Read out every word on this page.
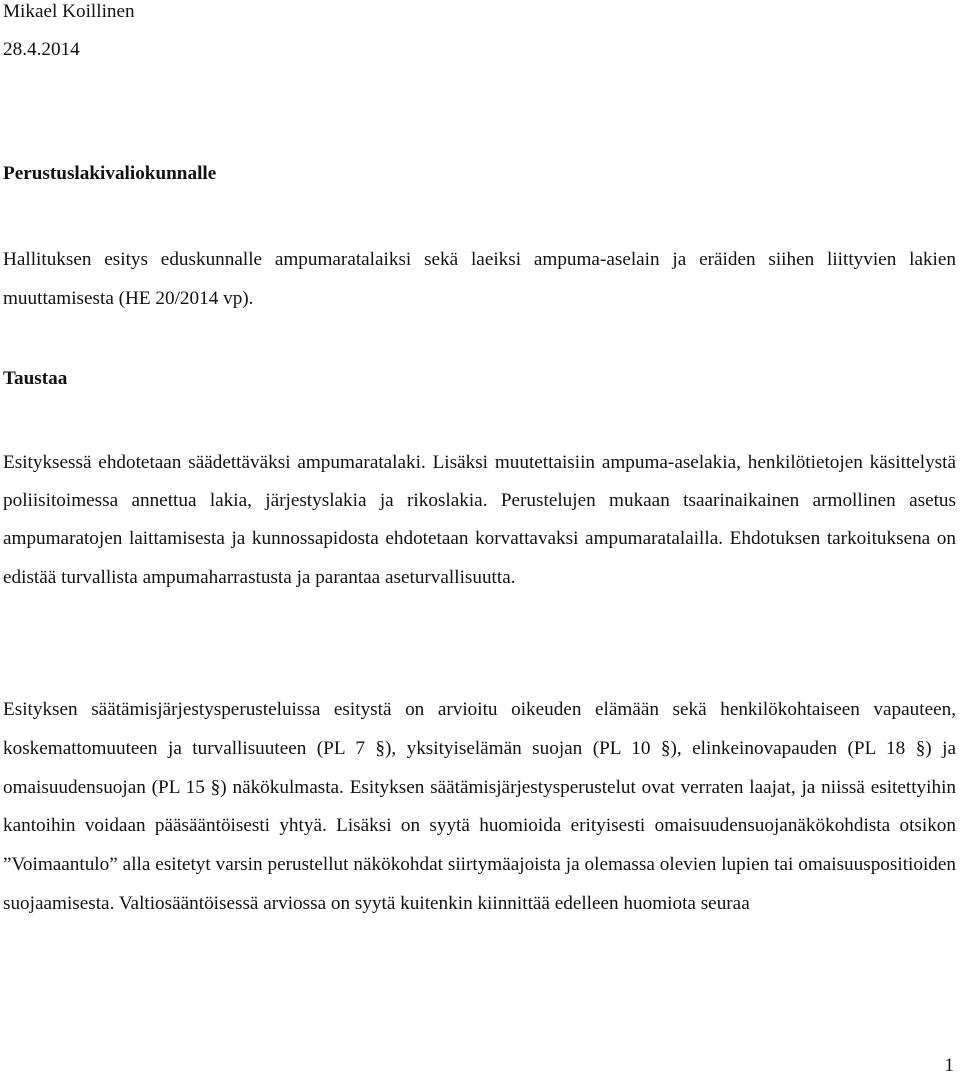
Mikael Koillinen
28.4.2014
Perustuslakivaliokunnalle

Hallituksen esitys eduskunnalle ampumaratalaiksi sekä laeiksi ampuma-aselain ja eräiden siihen liittyvien lakien muuttamisesta (HE 20/2014 vp).

Taustaa

Esityksessä ehdotetaan säädettäväksi ampumaratalaki. Lisäksi muutettaisiin ampuma-aselakia, henkilötietojen käsittelystä poliisitoimessa annettua lakia, järjestyslakia ja rikoslakia. Perustelujen mukaan tsaarinaikainen armollinen asetus ampumaratojen laittamisesta ja kunnossapidosta ehdotetaan korvattavaksi ampumaratalailla. Ehdotuksen tarkoituksena on edistää turvallista ampumaharrastusta ja parantaa aseturvallisuutta.

Esityksen säätämisjärjestysperusteluissa esitystä on arvioitu oikeuden elämään sekä henkilökohtaiseen vapauteen, koskemattomuuteen ja turvallisuuteen (PL 7 §), yksityiselämän suojan (PL 10 §), elinkeinovapauden (PL 18 §) ja omaisuudensuojan (PL 15 §) näkökulmasta. Esityksen säätämisjärjestysperustelut ovat verraten laajat, ja niissä esitettyihin kantoihin voidaan pääsääntöisesti yhtyä. Lisäksi on syytä huomioida erityisesti omaisuudensuojanäkökohdista otsikon ”Voimaantulo” alla esitetyt varsin perustellut näkökohdat siirtymäajoista ja olemassa olevien lupien tai omaisuuspositioiden suojaamisesta. Valtiosääntöisessä arviossa on syytä kuitenkin kiinnittää edelleen huomiota seuraa

1
